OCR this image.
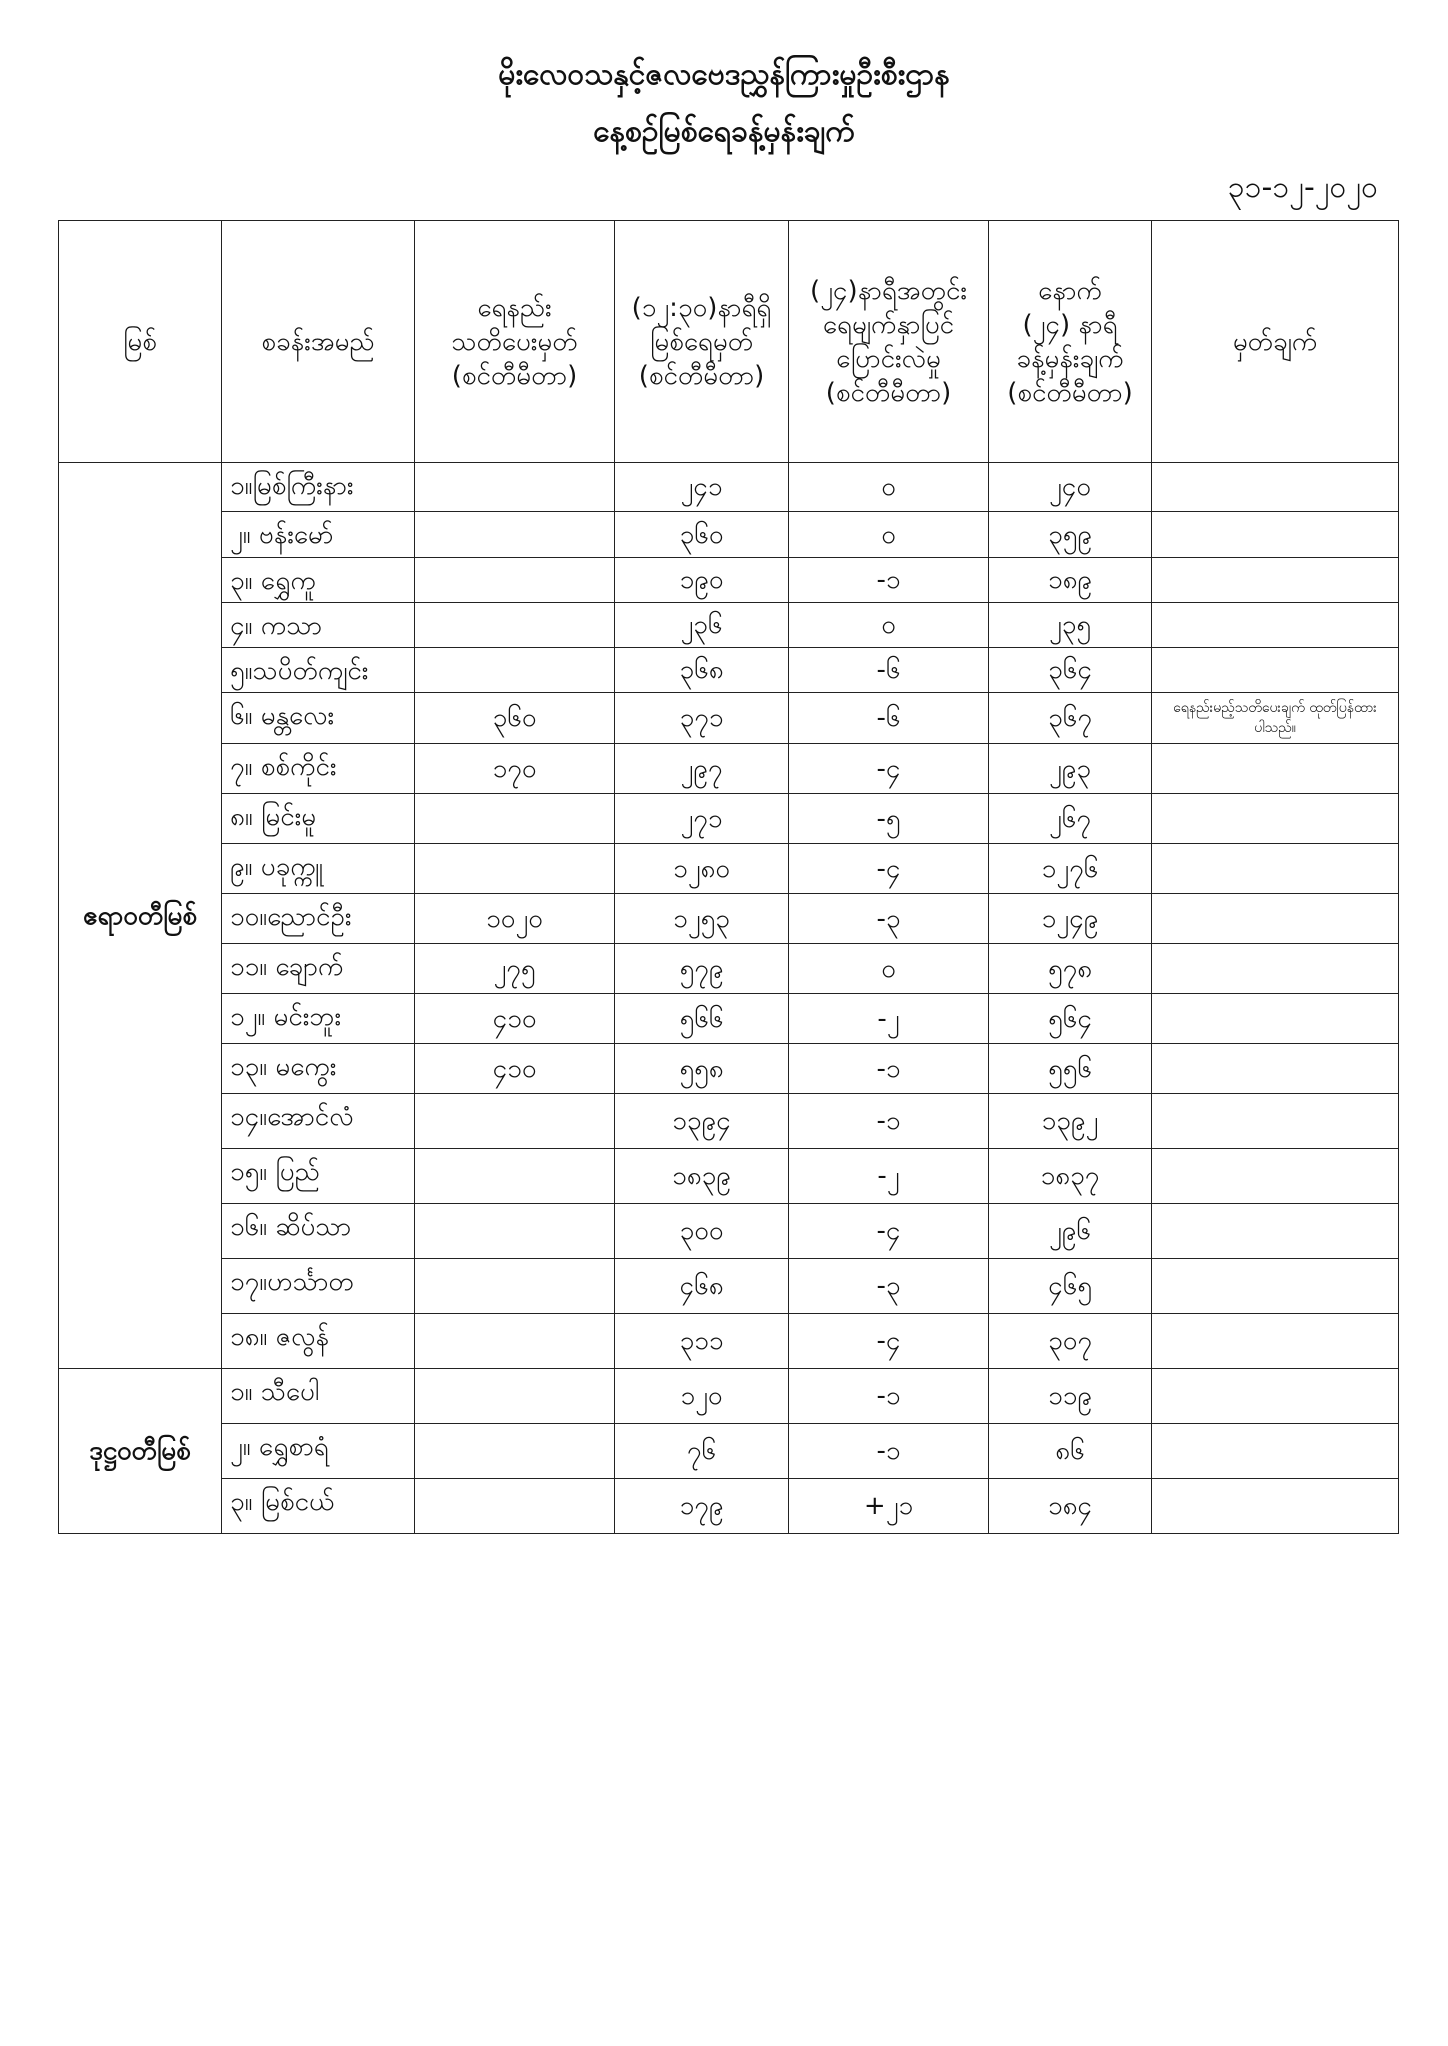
မိုးလေဝသနှင့်ဇလဗေဒညွှန်ကြားမှုဦးစီးဌာန
နေ့စဉ်မြစ်ရေခန့်မှန်းချက်
၃၁-၁၂-၂၀၂၀
မြစ်	စခန်းအမည်	ရေနည်း
သတိပေးမှတ်
(စင်တီမီတာ)	(၁၂:၃၀)နာရီရှိ
မြစ်ရေမှတ်
(စင်တီမီတာ)	(၂၄)နာရီအတွင်း
ရေမျက်နှာပြင်
ပြောင်းလဲမှု
(စင်တီမီတာ)	နောက်
(၂၄) နာရီ
ခန့်မှန်းချက်
(စင်တီမီတာ)	မှတ်ချက်

ဧရာဝတီမြစ်	၁။မြစ်ကြီးနား		၂၄၁	၀	၂၄၀	
	၂။ ဗန်းမော်		၃၆၀	၀	၃၅၉	
	၃။ ရွှေကူ		၁၉၀	-၁	၁၈၉	
	၄။ ကသာ		၂၃၆	၀	၂၃၅	
	၅။သပိတ်ကျင်း		၃၆၈	-၆	၃၆၄	
	၆။ မန္တလေး	၃၆၀	၃၇၁	-၆	၃၆၇	ရေနည်းမည့်သတိပေးချက် ထုတ်ပြန်ထားပါသည်။
	၇။ စစ်ကိုင်း	၁၇၀	၂၉၇	-၄	၂၉၃	
	၈။ မြင်းမူ		၂၇၁	-၅	၂၆၇	
	၉။ ပခုက္ကူ		၁၂၈၀	-၄	၁၂၇၆	
	၁၀။ညောင်ဦး	၁၀၂၀	၁၂၅၃	-၃	၁၂၄၉	
	၁၁။ ချောက်	၂၇၅	၅၇၉	၀	၅၇၈	
	၁၂။ မင်းဘူး	၄၁၀	၅၆၆	-၂	၅၆၄	
	၁၃။ မကွေး	၄၁၀	၅၅၈	-၁	၅၅၆	
	၁၄။အောင်လံ		၁၃၉၄	-၁	၁၃၉၂	
	၁၅။ ပြည်		၁၈၃၉	-၂	၁၈၃၇	
	၁၆။ ဆိပ်သာ		၃၀၀	-၄	၂၉၆	
	၁၇။ဟင်္သာတ		၄၆၈	-၃	၄၆၅	
	၁၈။ ဇလွန်		၃၁၁	-၄	၃၀၇	
ဒုဋ္ဌဝတီမြစ်	၁။ သီပေါ		၁၂၀	-၁	၁၁၉	
	၂။ ရွှေစာရံ		၇၆	-၁	၈၆	
	၃။ မြစ်ငယ်		၁၇၉	+၂၁	၁၈၄	
